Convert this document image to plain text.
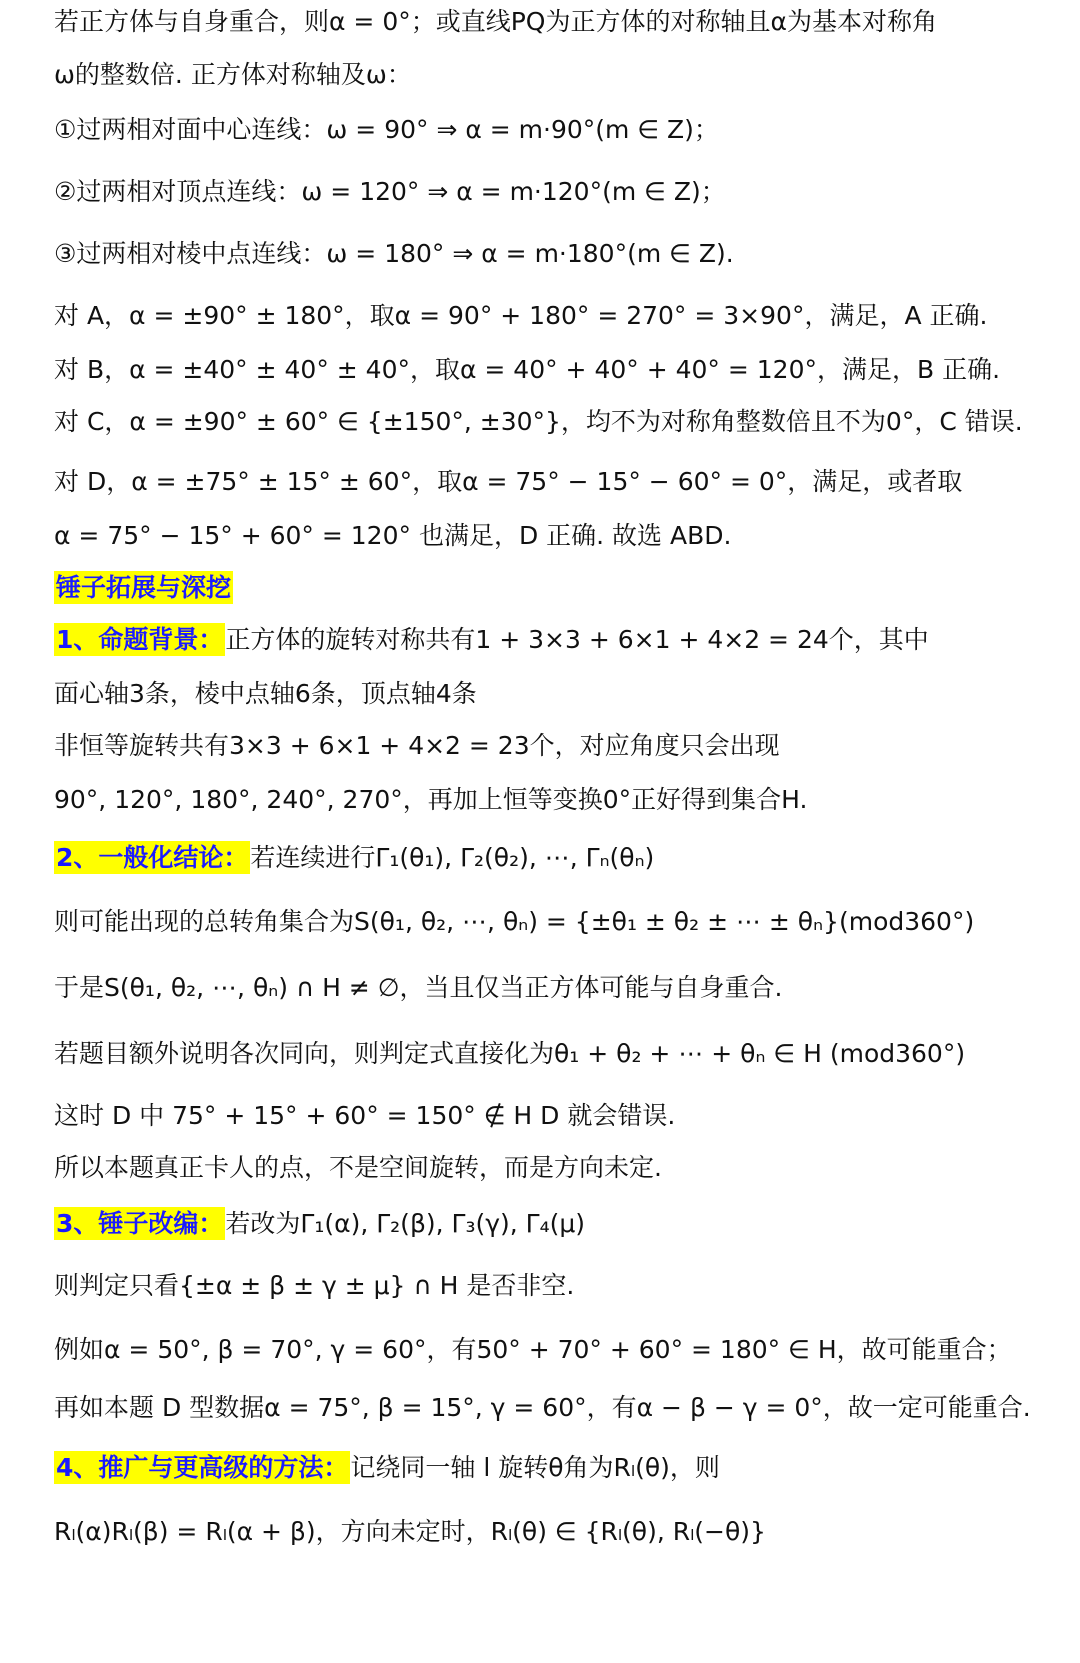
若正方体与自身重合，则α = 0°；或直线PQ为正方体的对称轴且α为基本对称角
ω的整数倍. 正方体对称轴及ω：
①过两相对面中心连线：ω = 90° ⇒ α = m·90°(m ∈ Z)；
②过两相对顶点连线：ω = 120° ⇒ α = m·120°(m ∈ Z)；
③过两相对棱中点连线：ω = 180° ⇒ α = m·180°(m ∈ Z).
对 A，α = ±90° ± 180°，取α = 90° + 180° = 270° = 3×90°，满足，A 正确.
对 B，α = ±40° ± 40° ± 40°，取α = 40° + 40° + 40° = 120°，满足，B 正确.
对 C，α = ±90° ± 60° ∈ {±150°, ±30°}，均不为对称角整数倍且不为0°，C 错误.
对 D，α = ±75° ± 15° ± 60°，取α = 75° − 15° − 60° = 0°，满足，或者取
α = 75° − 15° + 60° = 120° 也满足，D 正确. 故选 ABD.
锤子拓展与深挖
1、命题背景：正方体的旋转对称共有1 + 3×3 + 6×1 + 4×2 = 24个，其中
面心轴3条，棱中点轴6条，顶点轴4条
非恒等旋转共有3×3 + 6×1 + 4×2 = 23个，对应角度只会出现
90°, 120°, 180°, 240°, 270°，再加上恒等变换0°正好得到集合H.
2、一般化结论：若连续进行Γ₁(θ₁), Γ₂(θ₂), ⋯, Γₙ(θₙ)
则可能出现的总转角集合为S(θ₁, θ₂, ⋯, θₙ) = {±θ₁ ± θ₂ ± ⋯ ± θₙ}(mod360°)
于是S(θ₁, θ₂, ⋯, θₙ) ∩ H ≠ ∅，当且仅当正方体可能与自身重合.
若题目额外说明各次同向，则判定式直接化为θ₁ + θ₂ + ⋯ + θₙ ∈ H (mod360°)
这时 D 中 75° + 15° + 60° = 150° ∉ H D 就会错误.
所以本题真正卡人的点，不是空间旋转，而是方向未定.
3、锤子改编：若改为Γ₁(α), Γ₂(β), Γ₃(γ), Γ₄(μ)
则判定只看{±α ± β ± γ ± μ} ∩ H 是否非空.
例如α = 50°, β = 70°, γ = 60°，有50° + 70° + 60° = 180° ∈ H，故可能重合；
再如本题 D 型数据α = 75°, β = 15°, γ = 60°，有α − β − γ = 0°，故一定可能重合.
4、推广与更高级的方法：记绕同一轴 l 旋转θ角为Rₗ(θ)，则
Rₗ(α)Rₗ(β) = Rₗ(α + β)，方向未定时，Rₗ(θ) ∈ {Rₗ(θ), Rₗ(−θ)}
